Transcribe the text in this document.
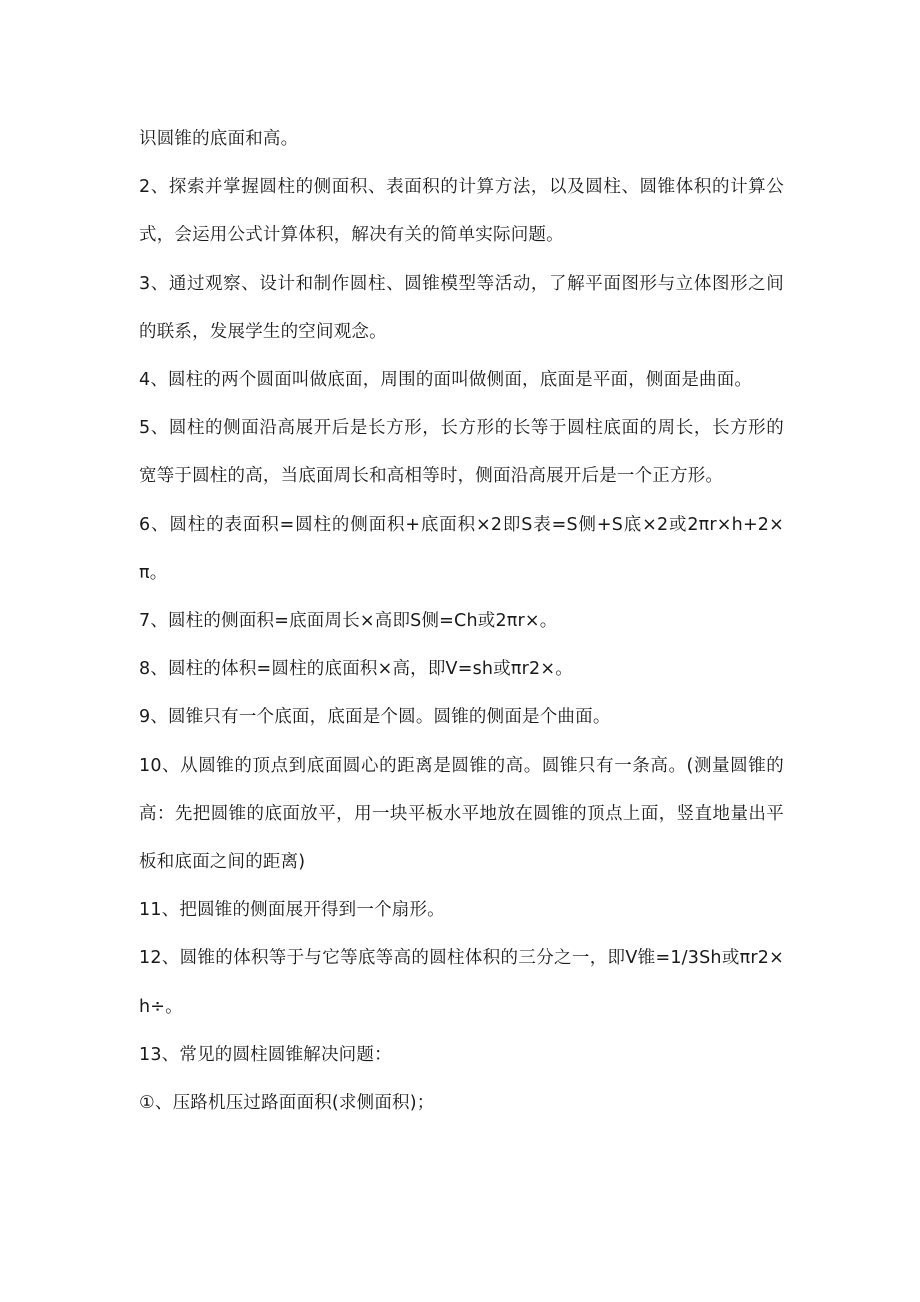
识圆锥的底面和高。

2、探索并掌握圆柱的侧面积、表面积的计算方法，以及圆柱、圆锥体积的计算公式，会运用公式计算体积，解决有关的简单实际问题。

3、通过观察、设计和制作圆柱、圆锥模型等活动，了解平面图形与立体图形之间的联系，发展学生的空间观念。

4、圆柱的两个圆面叫做底面，周围的面叫做侧面，底面是平面，侧面是曲面。

5、圆柱的侧面沿高展开后是长方形，长方形的长等于圆柱底面的周长，长方形的宽等于圆柱的高，当底面周长和高相等时，侧面沿高展开后是一个正方形。

6、圆柱的表面积=圆柱的侧面积+底面积×2即S表=S侧+S底×2或2πr×h+2×π。

7、圆柱的侧面积=底面周长×高即S侧=Ch或2πr×。

8、圆柱的体积=圆柱的底面积×高，即V=sh或πr2×。

9、圆锥只有一个底面，底面是个圆。圆锥的侧面是个曲面。

10、从圆锥的顶点到底面圆心的距离是圆锥的高。圆锥只有一条高。(测量圆锥的高：先把圆锥的底面放平，用一块平板水平地放在圆锥的顶点上面，竖直地量出平板和底面之间的距离)

11、把圆锥的侧面展开得到一个扇形。

12、圆锥的体积等于与它等底等高的圆柱体积的三分之一，即V锥=1/3Sh或πr2×h÷。

13、常见的圆柱圆锥解决问题：

①、压路机压过路面面积(求侧面积)；
